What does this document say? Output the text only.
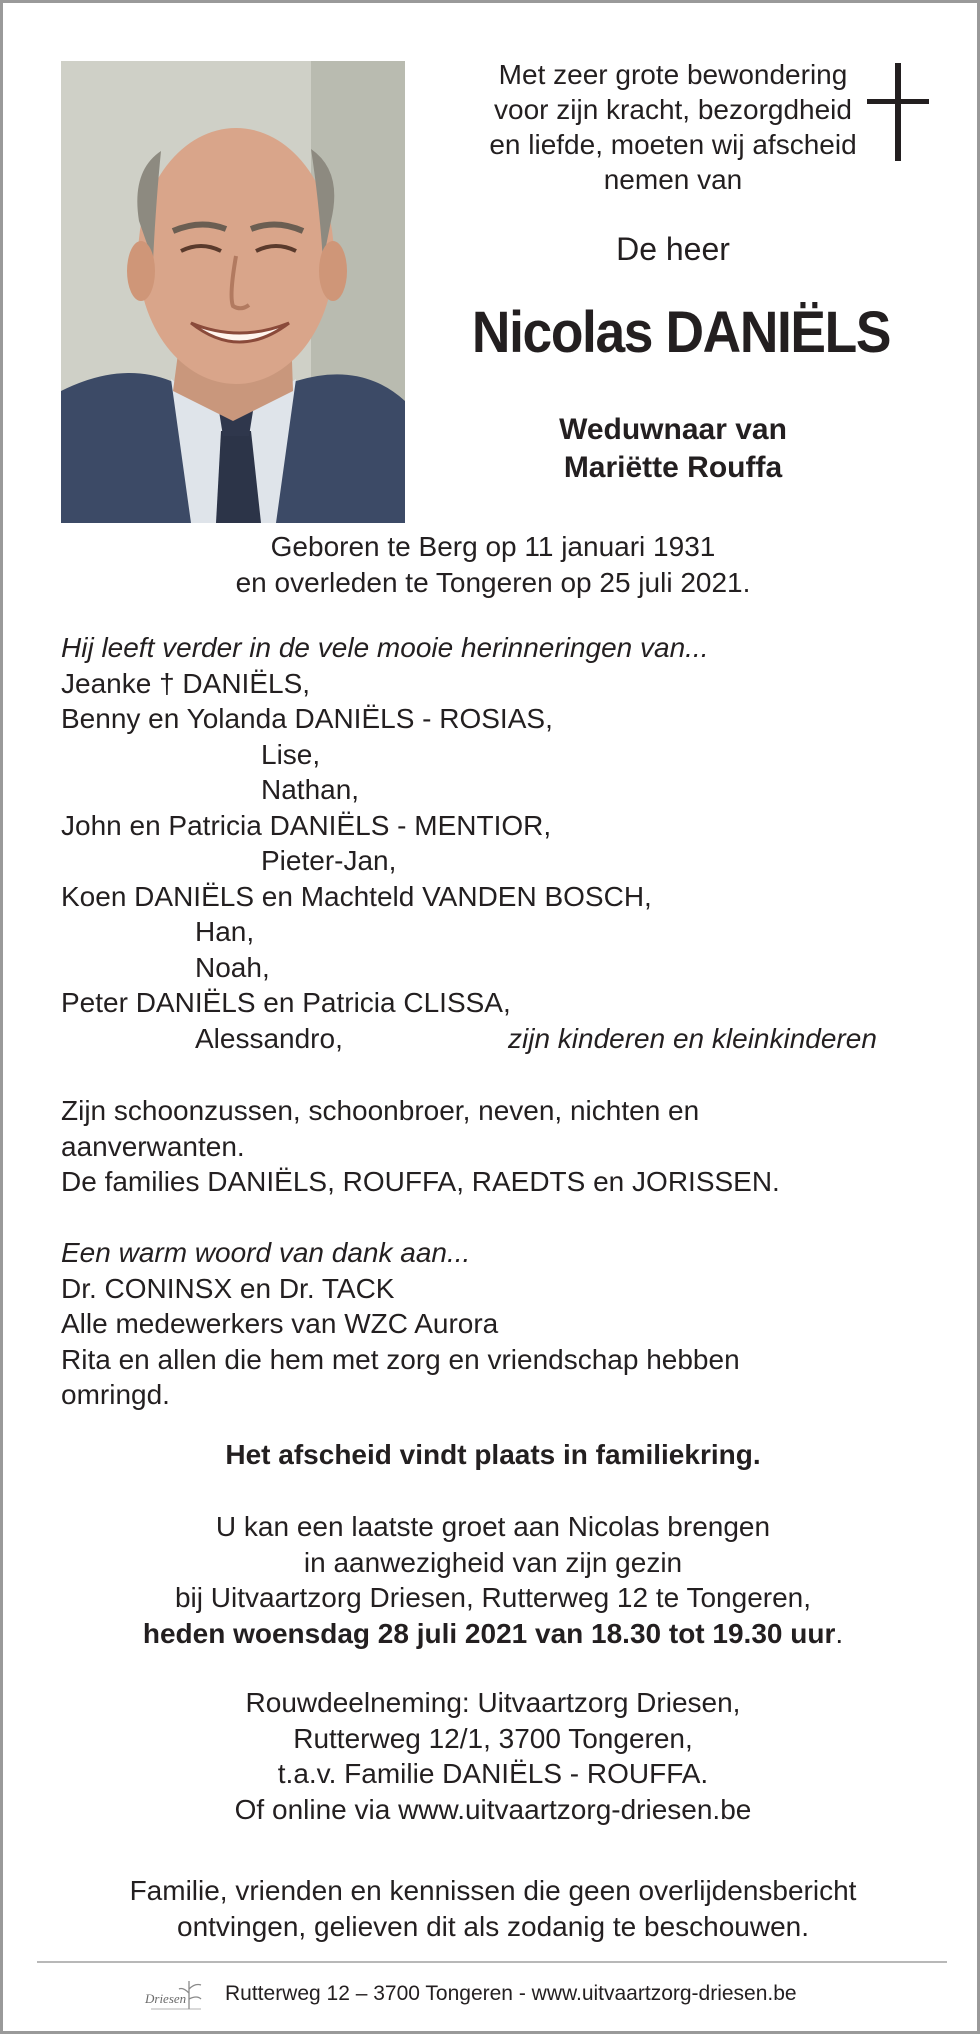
Met zeer grote bewondering

voor zijn kracht, bezorgdheid

en liefde, moeten wij afscheid

nemen van

De heer
Nicolas DANIËLS
Weduwnaar van
Mariëtte Rouffa
Geboren te Berg op 11 januari 1931
en overleden te Tongeren op 25 juli 2021.
Hij leeft verder in de vele mooie herinneringen van...
Jeanke † DANIËLS,
Benny en Yolanda DANIËLS - ROSIAS,
Lise,
Nathan,
John en Patricia DANIËLS - MENTIOR,
Pieter-Jan,
Koen DANIËLS en Machteld VANDEN BOSCH,
Han,
Noah,
Peter DANIËLS en Patricia CLISSA,
Alessandro,	zijn kinderen en kleinkinderen
Zijn schoonzussen, schoonbroer, neven, nichten en
aanverwanten.
De families DANIËLS, ROUFFA, RAEDTS en JORISSEN.
Een warm woord van dank aan...
Dr. CONINSX en Dr. TACK
Alle medewerkers van WZC Aurora
Rita en allen die hem met zorg en vriendschap hebben
omringd.
Het afscheid vindt plaats in familiekring.
U kan een laatste groet aan Nicolas brengen
in aanwezigheid van zijn gezin
bij Uitvaartzorg Driesen, Rutterweg 12 te Tongeren,
heden woensdag 28 juli 2021 van 18.30 tot 19.30 uur.
Rouwdeelneming: Uitvaartzorg Driesen,
Rutterweg 12/1, 3700 Tongeren,
t.a.v. Familie DANIËLS - ROUFFA.
Of online via www.uitvaartzorg-driesen.be
Familie, vrienden en kennissen die geen overlijdensbericht
ontvingen, gelieven dit als zodanig te beschouwen.
Driesen Rutterweg 12 – 3700 Tongeren - www.uitvaartzorg-driesen.be
